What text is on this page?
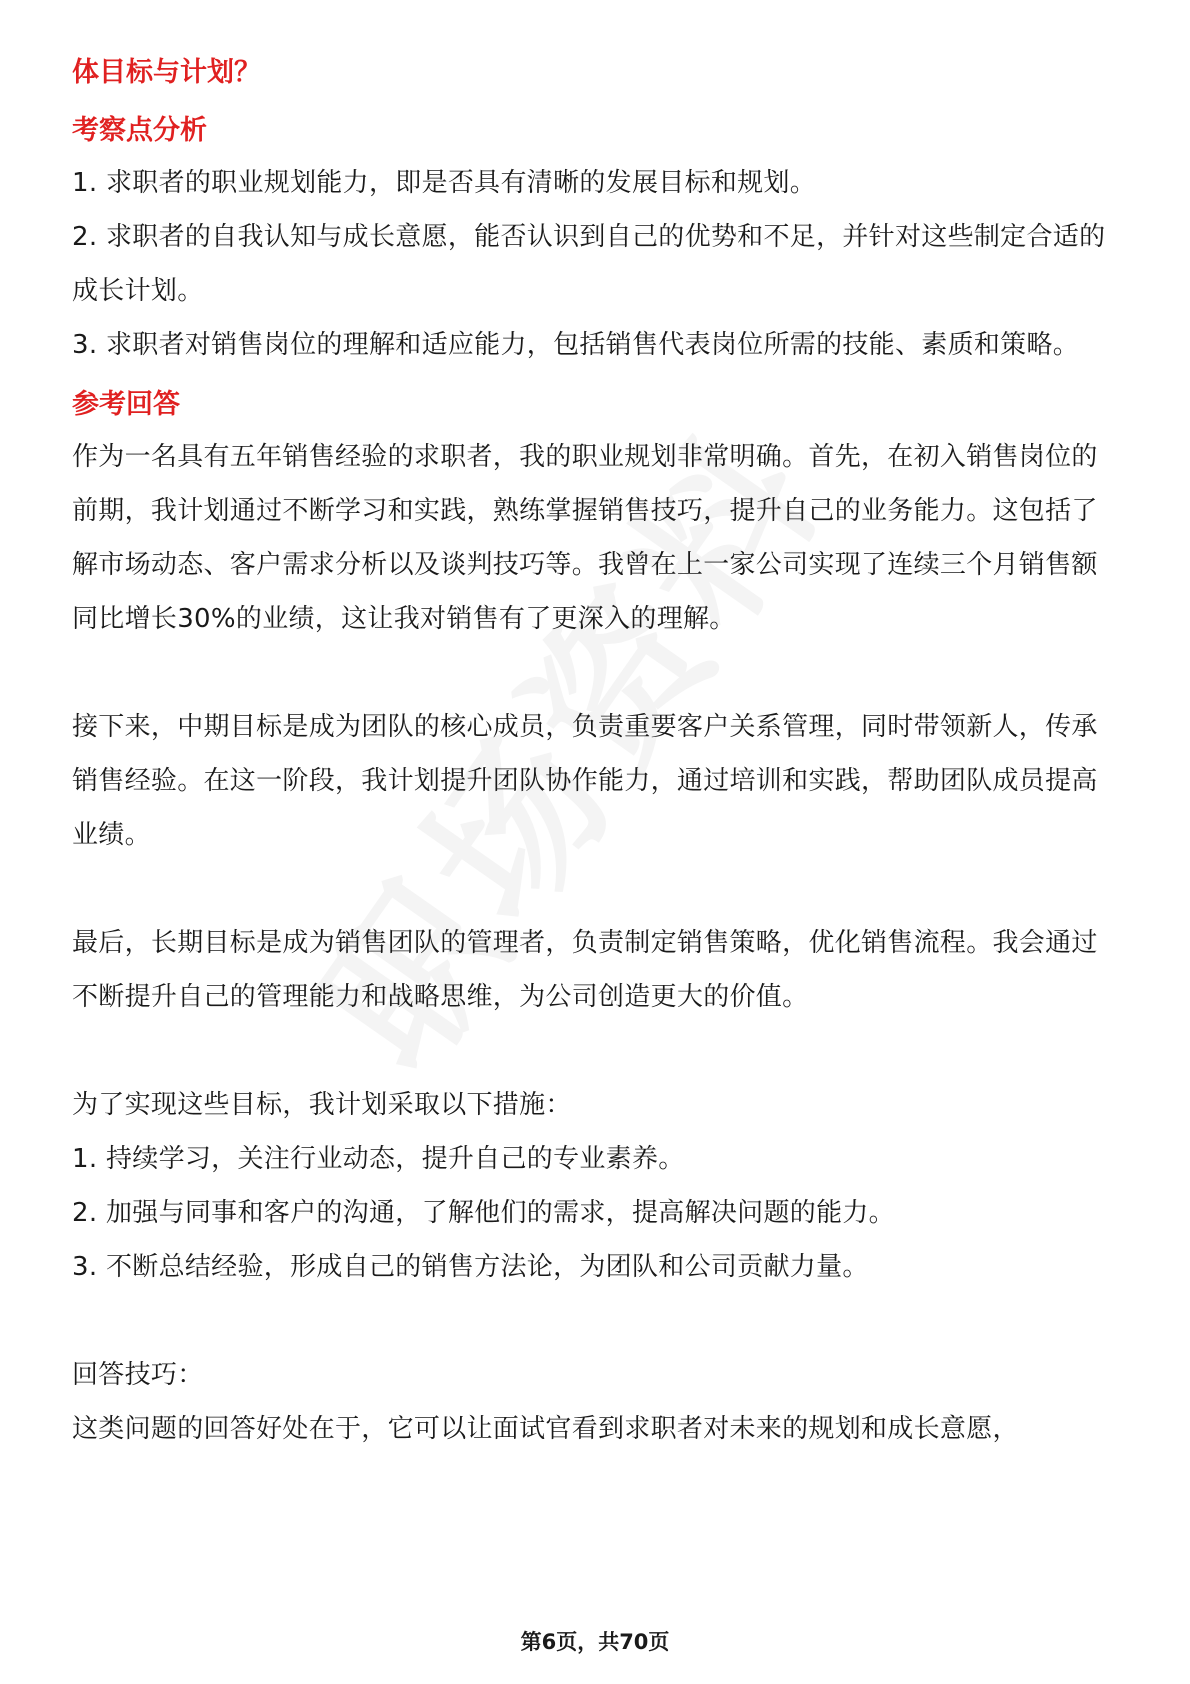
体目标与计划？

考察点分析

1. 求职者的职业规划能力，即是否具有清晰的发展目标和规划。

2. 求职者的自我认知与成长意愿，能否认识到自己的优势和不足，并针对这些制定合适的成长计划。

3. 求职者对销售岗位的理解和适应能力，包括销售代表岗位所需的技能、素质和策略。

参考回答

作为一名具有五年销售经验的求职者，我的职业规划非常明确。首先，在初入销售岗位的前期，我计划通过不断学习和实践，熟练掌握销售技巧，提升自己的业务能力。这包括了解市场动态、客户需求分析以及谈判技巧等。我曾在上一家公司实现了连续三个月销售额同比增长30%的业绩，这让我对销售有了更深入的理解。

接下来，中期目标是成为团队的核心成员，负责重要客户关系管理，同时带领新人，传承销售经验。在这一阶段，我计划提升团队协作能力，通过培训和实践，帮助团队成员提高业绩。

最后，长期目标是成为销售团队的管理者，负责制定销售策略，优化销售流程。我会通过不断提升自己的管理能力和战略思维，为公司创造更大的价值。

为了实现这些目标，我计划采取以下措施：

1. 持续学习，关注行业动态，提升自己的专业素养。

2. 加强与同事和客户的沟通，了解他们的需求，提高解决问题的能力。

3. 不断总结经验，形成自己的销售方法论，为团队和公司贡献力量。

回答技巧：

这类问题的回答好处在于，它可以让面试官看到求职者对未来的规划和成长意愿，

第6页，共70页
